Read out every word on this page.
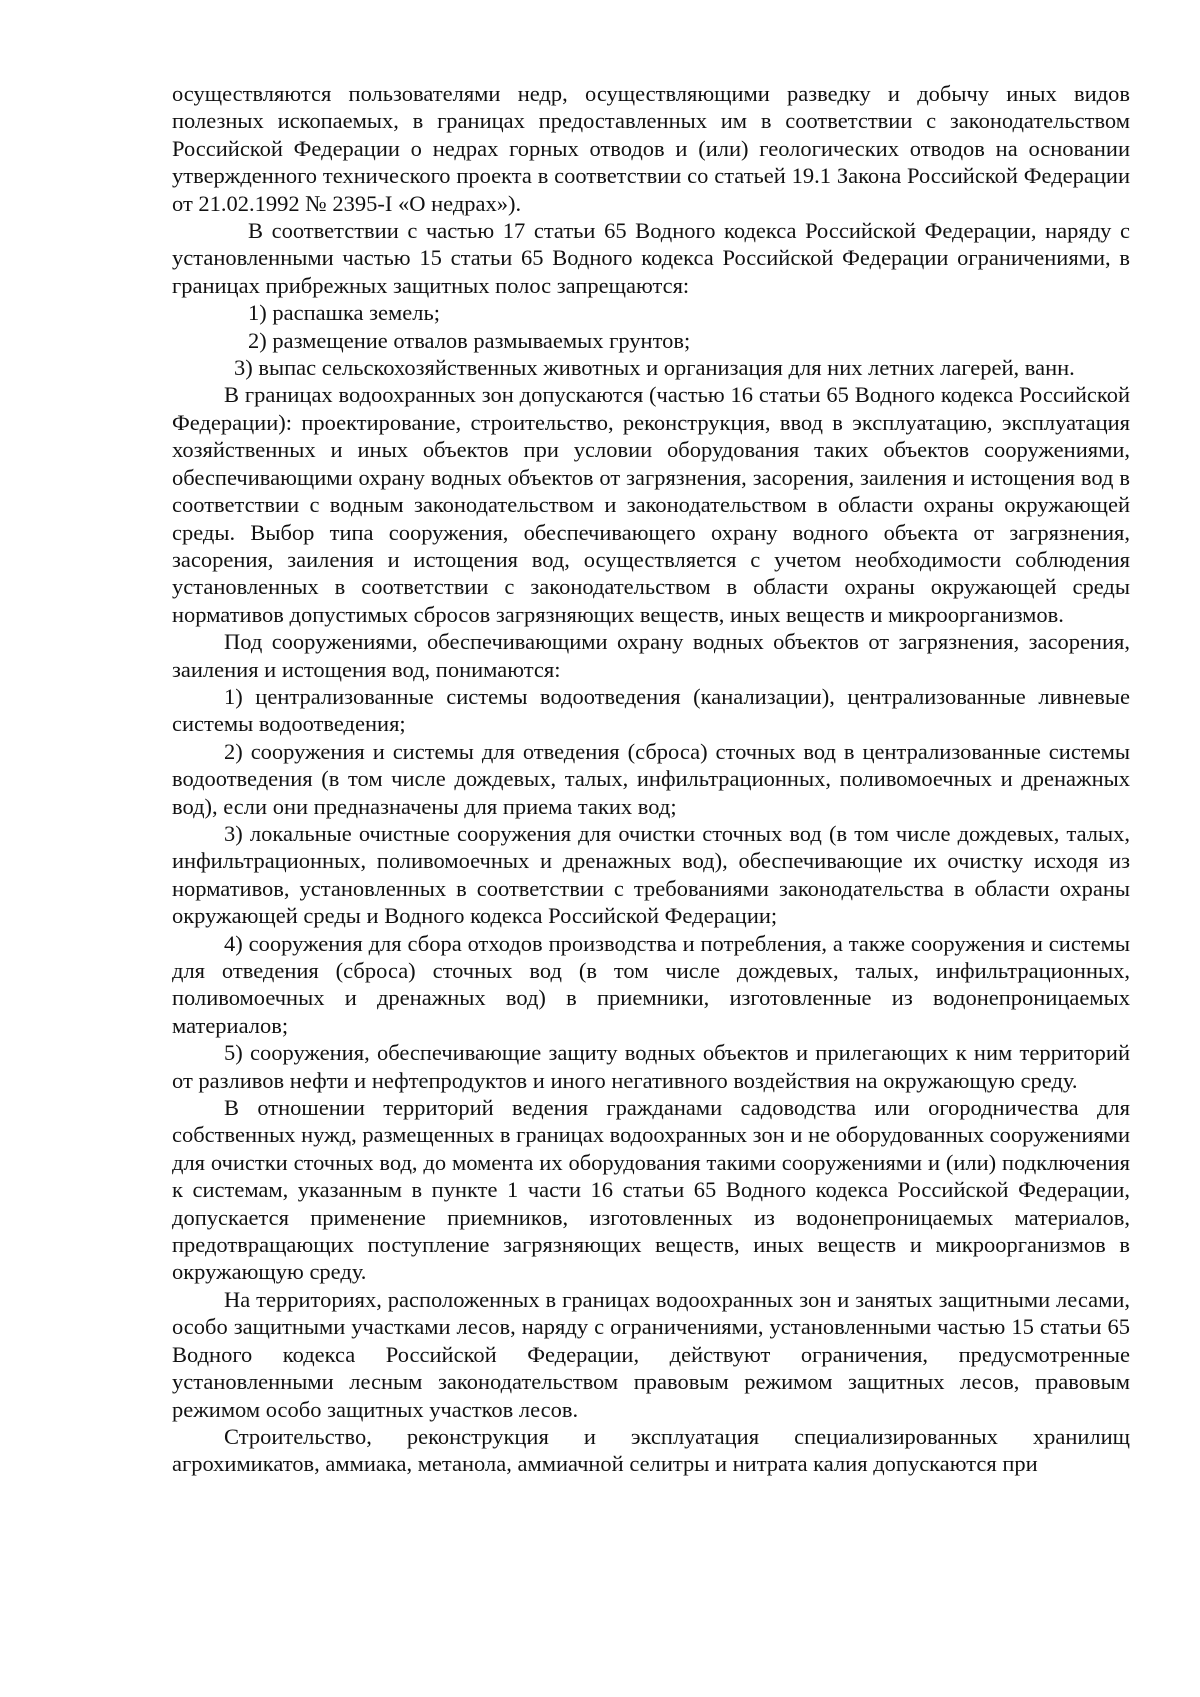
осуществляются пользователями недр, осуществляющими разведку и добычу иных видов полезных ископаемых, в границах предоставленных им в соответствии с законодательством Российской Федерации о недрах горных отводов и (или) геологических отводов на основании утвержденного технического проекта в соответствии со статьей 19.1 Закона Российской Федерации от 21.02.1992 № 2395-I «О недрах»).

В соответствии с частью 17 статьи 65 Водного кодекса Российской Федерации, наряду с установленными частью 15 статьи 65 Водного кодекса Российской Федерации ограничениями, в границах прибрежных защитных полос запрещаются:

1) распашка земель;

2) размещение отвалов размываемых грунтов;

3) выпас сельскохозяйственных животных и организация для них летних лагерей, ванн.

В границах водоохранных зон допускаются (частью 16 статьи 65 Водного кодекса Российской Федерации): проектирование, строительство, реконструкция, ввод в эксплуатацию, эксплуатация хозяйственных и иных объектов при условии оборудования таких объектов сооружениями, обеспечивающими охрану водных объектов от загрязнения, засорения, заиления и истощения вод в соответствии с водным законодательством и законодательством в области охраны окружающей среды. Выбор типа сооружения, обеспечивающего охрану водного объекта от загрязнения, засорения, заиления и истощения вод, осуществляется с учетом необходимости соблюдения установленных в соответствии с законодательством в области охраны окружающей среды нормативов допустимых сбросов загрязняющих веществ, иных веществ и микроорганизмов.

Под сооружениями, обеспечивающими охрану водных объектов от загрязнения, засорения, заиления и истощения вод, понимаются:

1) централизованные системы водоотведения (канализации), централизованные ливневые системы водоотведения;

2) сооружения и системы для отведения (сброса) сточных вод в централизованные системы водоотведения (в том числе дождевых, талых, инфильтрационных, поливомоечных и дренажных вод), если они предназначены для приема таких вод;

3) локальные очистные сооружения для очистки сточных вод (в том числе дождевых, талых, инфильтрационных, поливомоечных и дренажных вод), обеспечивающие их очистку исходя из нормативов, установленных в соответствии с требованиями законодательства в области охраны окружающей среды и Водного кодекса Российской Федерации;

4) сооружения для сбора отходов производства и потребления, а также сооружения и системы для отведения (сброса) сточных вод (в том числе дождевых, талых, инфильтрационных, поливомоечных и дренажных вод) в приемники, изготовленные из водонепроницаемых материалов;

5) сооружения, обеспечивающие защиту водных объектов и прилегающих к ним территорий от разливов нефти и нефтепродуктов и иного негативного воздействия на окружающую среду.

В отношении территорий ведения гражданами садоводства или огородничества для собственных нужд, размещенных в границах водоохранных зон и не оборудованных сооружениями для очистки сточных вод, до момента их оборудования такими сооружениями и (или) подключения к системам, указанным в пункте 1 части 16 статьи 65 Водного кодекса Российской Федерации, допускается применение приемников, изготовленных из водонепроницаемых материалов, предотвращающих поступление загрязняющих веществ, иных веществ и микроорганизмов в окружающую среду.

На территориях, расположенных в границах водоохранных зон и занятых защитными лесами, особо защитными участками лесов, наряду с ограничениями, установленными частью 15 статьи 65 Водного кодекса Российской Федерации, действуют ограничения, предусмотренные установленными лесным законодательством правовым режимом защитных лесов, правовым режимом особо защитных участков лесов.

Строительство, реконструкция и эксплуатация специализированных хранилищ агрохимикатов, аммиака, метанола, аммиачной селитры и нитрата калия допускаются при
